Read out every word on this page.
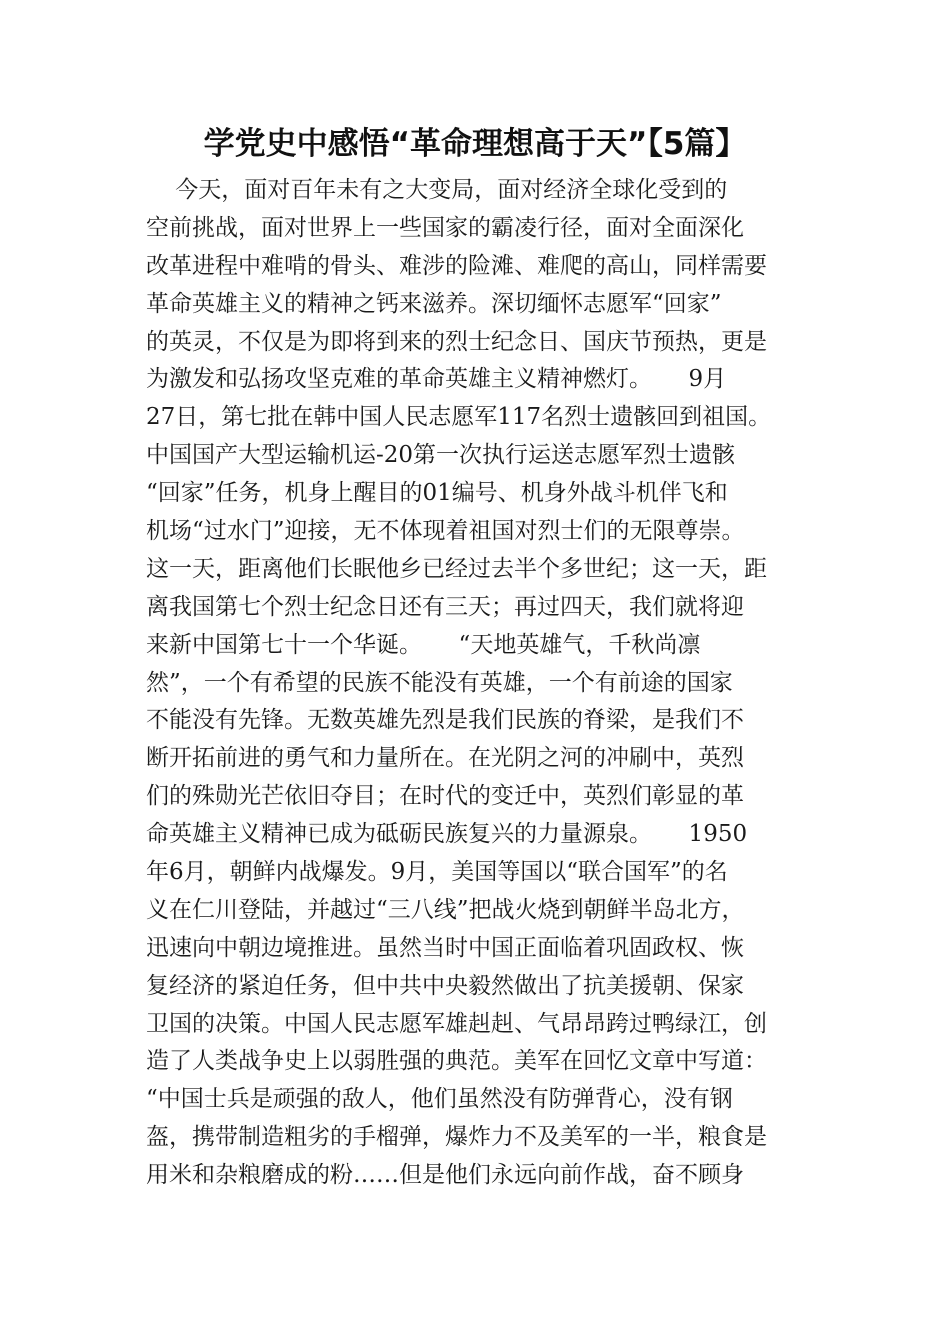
学党史中感悟“革命理想高于天”【5篇】
今天，面对百年未有之大变局，面对经济全球化受到的
空前挑战，面对世界上一些国家的霸凌行径，面对全面深化
改革进程中难啃的骨头、难涉的险滩、难爬的高山，同样需要
革命英雄主义的精神之钙来滋养。深切缅怀志愿军“回家”
的英灵，不仅是为即将到来的烈士纪念日、国庆节预热，更是
为激发和弘扬攻坚克难的革命英雄主义精神燃灯。     9月
27日，第七批在韩中国人民志愿军117名烈士遗骸回到祖国。
中国国产大型运输机运-20第一次执行运送志愿军烈士遗骸
“回家”任务，机身上醒目的01编号、机身外战斗机伴飞和
机场“过水门”迎接，无不体现着祖国对烈士们的无限尊崇。
这一天，距离他们长眠他乡已经过去半个多世纪；这一天，距
离我国第七个烈士纪念日还有三天；再过四天，我们就将迎
来新中国第七十一个华诞。     “天地英雄气，千秋尚凛
然”，一个有希望的民族不能没有英雄，一个有前途的国家
不能没有先锋。无数英雄先烈是我们民族的脊梁，是我们不
断开拓前进的勇气和力量所在。在光阴之河的冲刷中，英烈
们的殊勋光芒依旧夺目；在时代的变迁中，英烈们彰显的革
命英雄主义精神已成为砥砺民族复兴的力量源泉。     1950
年6月，朝鲜内战爆发。9月，美国等国以“联合国军”的名
义在仁川登陆，并越过“三八线”把战火烧到朝鲜半岛北方，
迅速向中朝边境推进。虽然当时中国正面临着巩固政权、恢
复经济的紧迫任务，但中共中央毅然做出了抗美援朝、保家
卫国的决策。中国人民志愿军雄赳赳、气昂昂跨过鸭绿江，创
造了人类战争史上以弱胜强的典范。美军在回忆文章中写道：
“中国士兵是顽强的敌人，他们虽然没有防弹背心，没有钢
盔，携带制造粗劣的手榴弹，爆炸力不及美军的一半，粮食是
用米和杂粮磨成的粉……但是他们永远向前作战，奋不顾身
